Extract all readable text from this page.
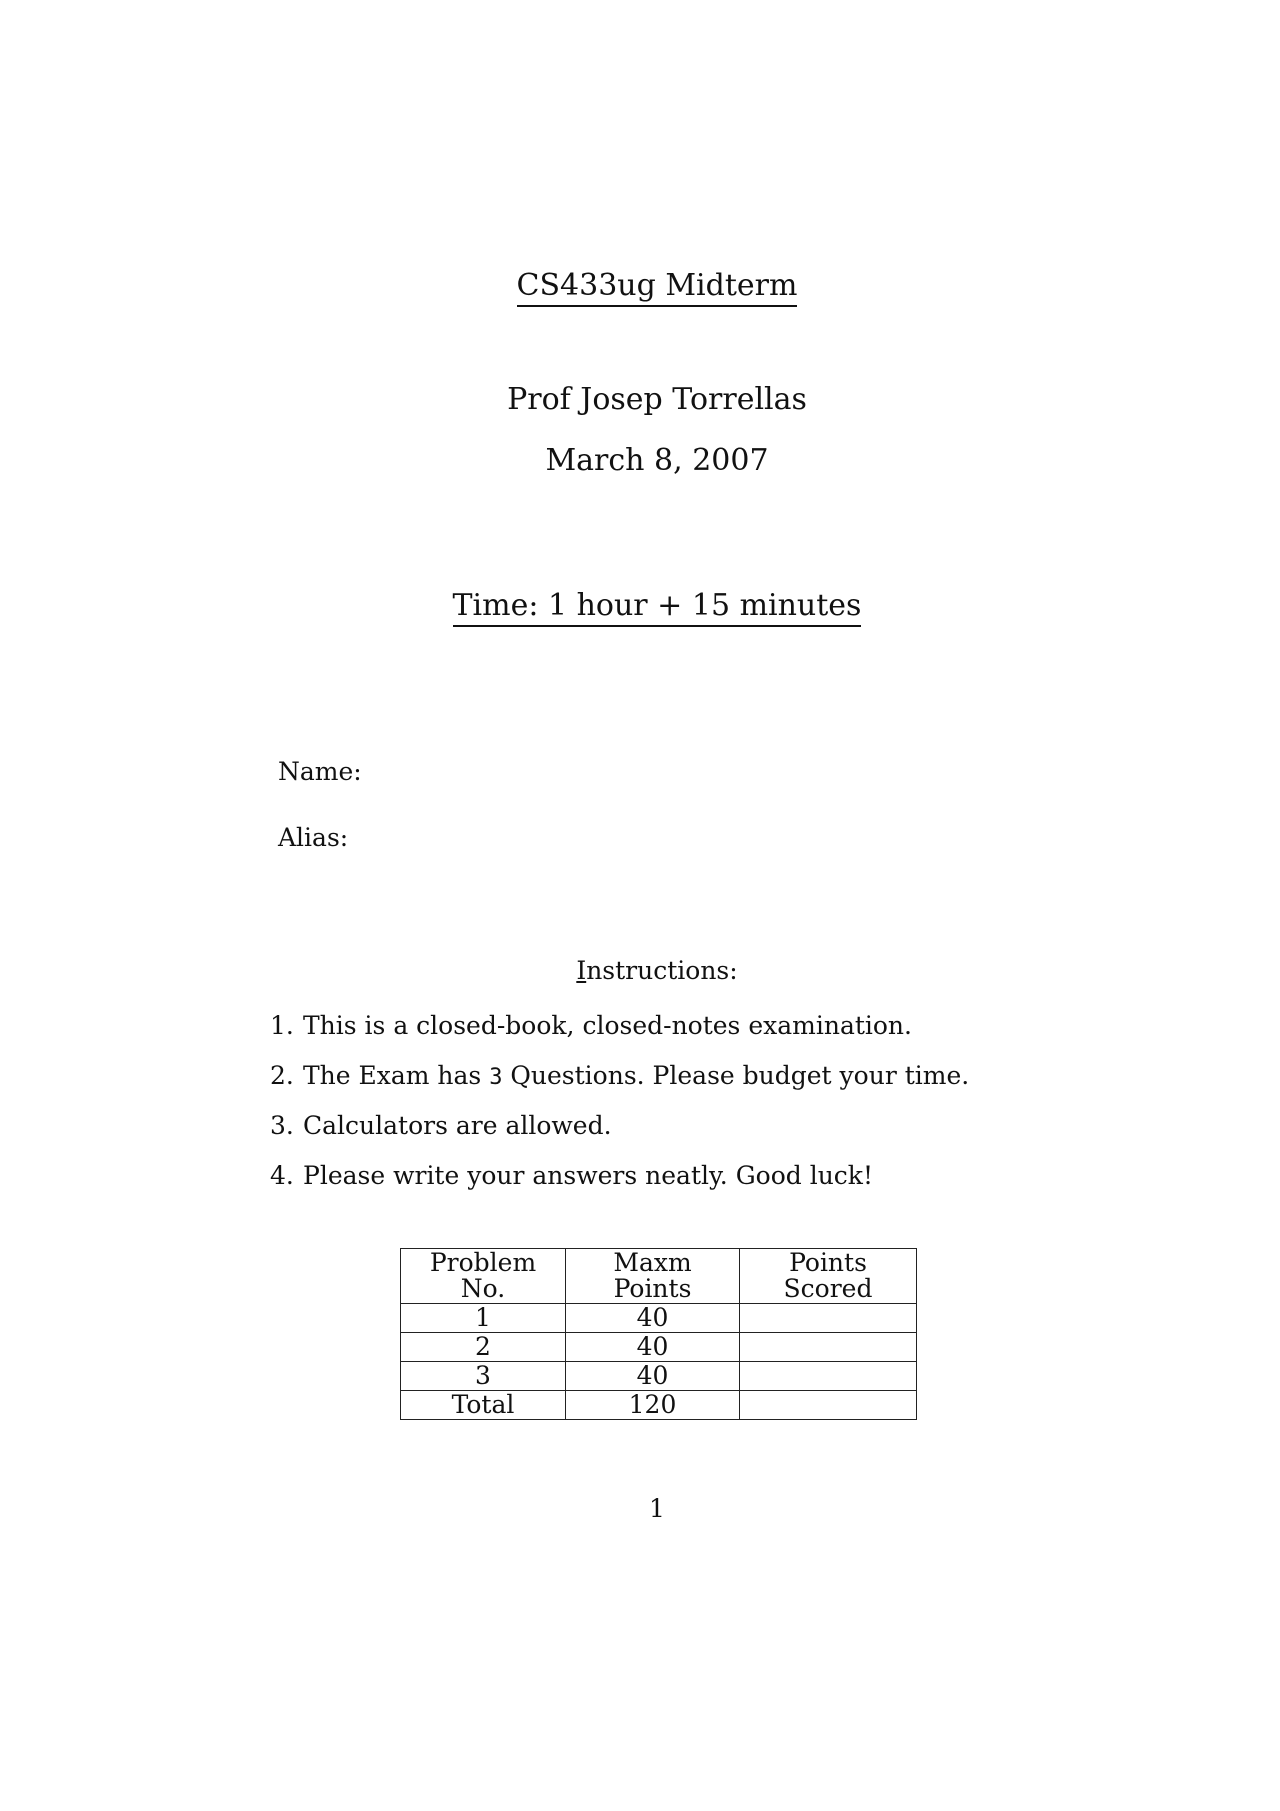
CS433ug Midterm
Prof Josep Torrellas
March 8, 2007
Time: 1 hour + 15 minutes
Name:
Alias:
Instructions:
1. This is a closed-book, closed-notes examination.
2. The Exam has 3 Questions. Please budget your time.
3. Calculators are allowed.
4. Please write your answers neatly. Good luck!
Problem No.	Maxm Points	Points Scored
1	40	
2	40	
3	40	
Total	120	
1
